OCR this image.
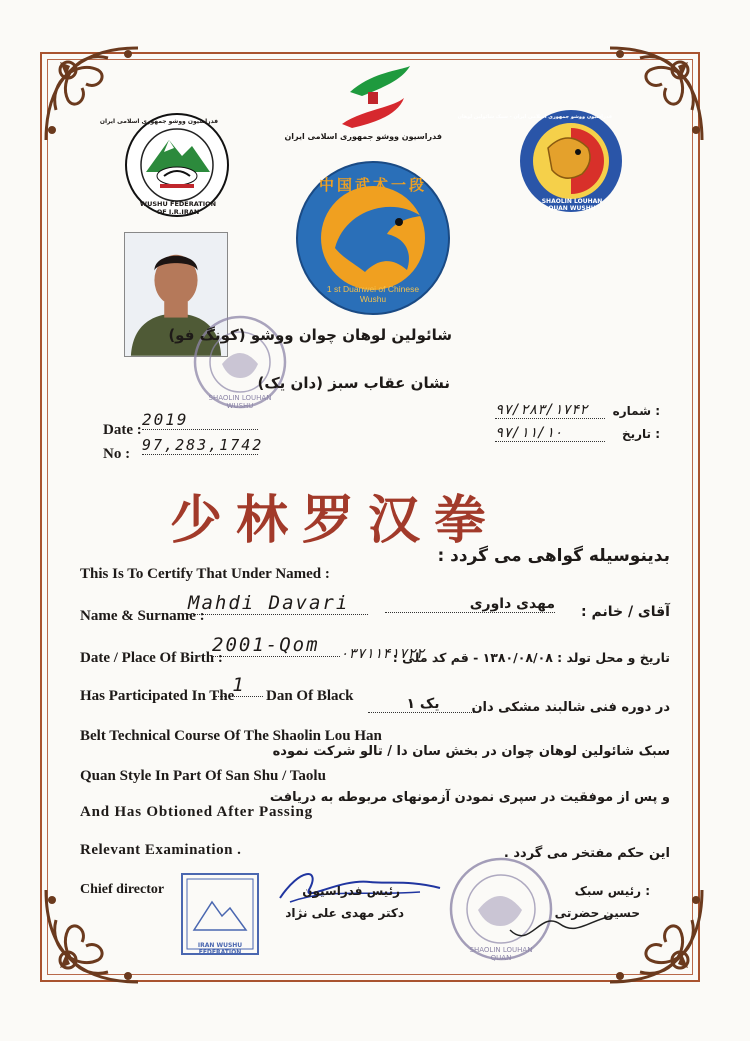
فدراسیون ووشو جمهوری اسلامی ایران
WUSHU FEDERATION OF I.R.IRAN
فدراسیون ووشو جمهوری اسلامی ایران
SHAOLIN LOUHAN QUAN WUSHU
فدراسیون ووشو جمهوری اسلامی ایران - سبک شائولین لوهان
中国武术一段
1 st Duanwei of Chinese Wushu
SHAOLIN LOUHAN WUSHU
شائولین لوهان چوان ووشو (کونگ فو)
نشان عقاب سبز (دان یک)
Date :
2019
No : 97,283,1742
: شماره
۹۷/۲۸۳/۱۷۴۲
: تاریخ
۹۷/۱۱/۱۰
少林罗汉拳
This Is To Certify That Under Named :
بدینوسیله گواهی می گردد :
Name & Surname :
Mahdi Davari	آقای / خانم :
مهدی داوری
Date / Place Of Birth :
2001-Qom
تاریخ و محل تولد : ۱۳۸۰/۰۸/۰۸ - قم کد ملی :
۰۳۷۱۱۴۱۷۲۲
Has Participated In The
1	Dan Of Black
در دوره فنی شالبند مشکی دان
یک ۱
Belt Technical Course Of The Shaolin Lou Han
Quan Style In Part Of San Shu / Taolu
And Has Obtioned After Passing
Relevant Examination .
سبک شائولین لوهان چوان در بخش سان دا / تالو شرکت نموده
و پس از موفقیت در سپری نمودن آزمونهای مربوطه به دریافت
این حکم مفتخر می گردد .
Chief director
IRAN WUSHU FEDERATION
رئیس فدراسیون
دکتر مهدی علی نژاد
SHAOLIN LOUHAN QUAN
: رئیس سبک
حسین حضرتی
